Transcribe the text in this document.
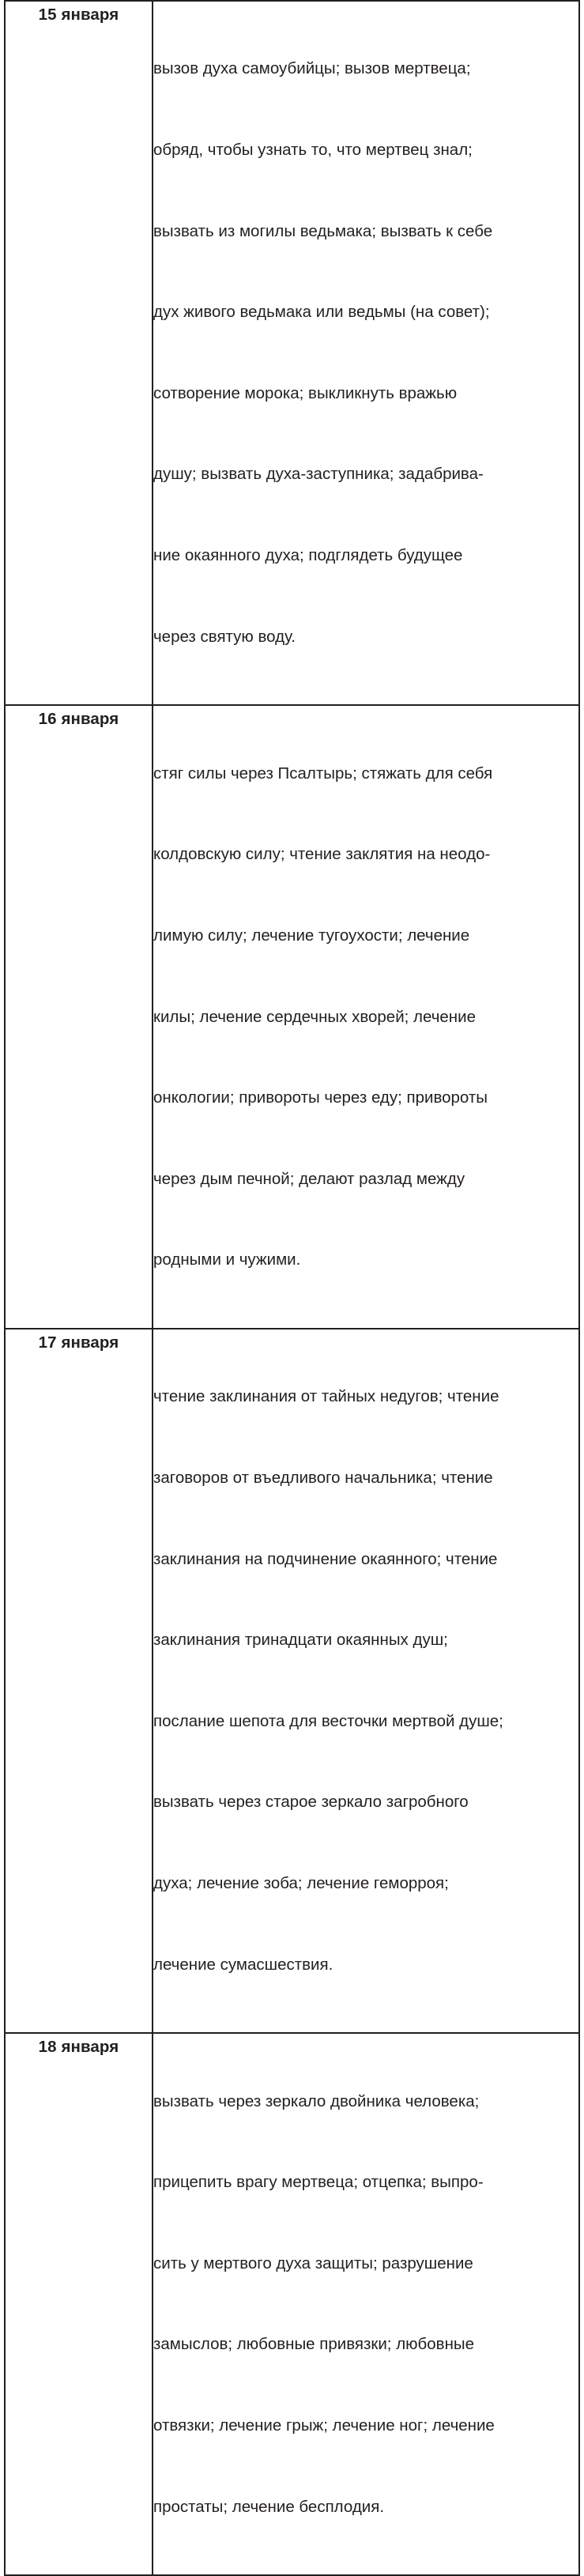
15 января

вызов духа самоубийцы; вызов мертвеца;

обряд, чтобы узнать то, что мертвец знал;

вызвать из могилы ведьмака; вызвать к себе

дух живого ведьмака или ведьмы (на совет);

сотворение морока; выкликнуть вражью

душу; вызвать духа-заступника; задабрива-

ние окаянного духа; подглядеть будущее

через святую воду.

16 января

стяг силы через Псалтырь; стяжать для себя

колдовскую силу; чтение заклятия на неодо-

лимую силу; лечение тугоухости; лечение

килы; лечение сердечных хворей; лечение

онкологии; привороты через еду; привороты

через дым печной; делают разлад между

родными и чужими.

17 января

чтение заклинания от тайных недугов; чтение

заговоров от въедливого начальника; чтение

заклинания на подчинение окаянного; чтение

заклинания тринадцати окаянных душ;

послание шепота для весточки мертвой душе;

вызвать через старое зеркало загробного

духа; лечение зоба; лечение геморроя;

лечение сумасшествия.

18 января

вызвать через зеркало двойника человека;

прицепить врагу мертвеца; отцепка; выпро-

сить у мертвого духа защиты; разрушение

замыслов; любовные привязки; любовные

отвязки; лечение грыж; лечение ног; лечение

простаты; лечение бесплодия.
